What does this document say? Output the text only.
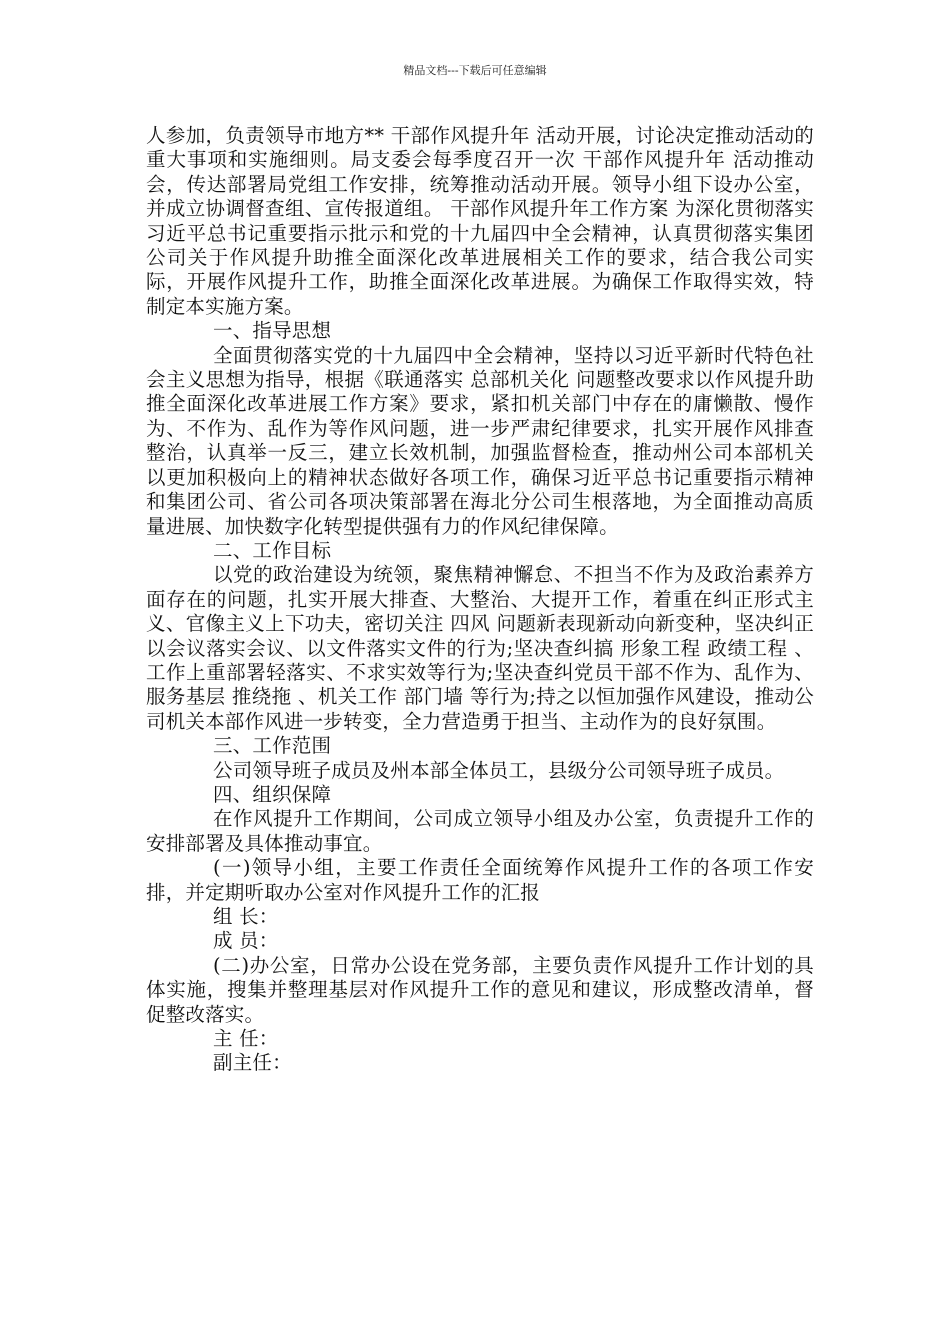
精品文档---下载后可任意编辑

人参加，负责领导市地方** 干部作风提升年 活动开展，讨论决定推动活动的重大事项和实施细则。局支委会每季度召开一次 干部作风提升年 活动推动会，传达部署局党组工作安排，统筹推动活动开展。领导小组下设办公室，并成立协调督查组、宣传报道组。 干部作风提升年工作方案 为深化贯彻落实习近平总书记重要指示批示和党的十九届四中全会精神，认真贯彻落实集团公司关于作风提升助推全面深化改革进展相关工作的要求，结合我公司实际，开展作风提升工作，助推全面深化改革进展。为确保工作取得实效，特制定本实施方案。

一、指导思想

全面贯彻落实党的十九届四中全会精神，坚持以习近平新时代特色社会主义思想为指导，根据《联通落实 总部机关化 问题整改要求以作风提升助推全面深化改革进展工作方案》要求，紧扣机关部门中存在的庸懒散、慢作为、不作为、乱作为等作风问题，进一步严肃纪律要求，扎实开展作风排查整治，认真举一反三，建立长效机制，加强监督检查，推动州公司本部机关以更加积极向上的精神状态做好各项工作，确保习近平总书记重要指示精神和集团公司、省公司各项决策部署在海北分公司生根落地，为全面推动高质量进展、加快数字化转型提供强有力的作风纪律保障。

二、工作目标

以党的政治建设为统领，聚焦精神懈怠、不担当不作为及政治素养方面存在的问题，扎实开展大排查、大整治、大提开工作，着重在纠正形式主义、官像主义上下功夫，密切关注 四风 问题新表现新动向新变种，坚决纠正以会议落实会议、以文件落实文件的行为;坚决查纠搞 形象工程 政绩工程 、工作上重部署轻落实、不求实效等行为;坚决查纠党员干部不作为、乱作为、服务基层 推绕拖 、机关工作 部门墙 等行为;持之以恒加强作风建设，推动公司机关本部作风进一步转变，全力营造勇于担当、主动作为的良好氛围。

三、工作范围

公司领导班子成员及州本部全体员工，县级分公司领导班子成员。

四、组织保障

在作风提升工作期间，公司成立领导小组及办公室，负责提升工作的安排部署及具体推动事宜。

(一)领导小组，主要工作责任全面统筹作风提升工作的各项工作安排，并定期听取办公室对作风提升工作的汇报

组 长：

成 员：

(二)办公室，日常办公设在党务部，主要负责作风提升工作计划的具体实施，搜集并整理基层对作风提升工作的意见和建议，形成整改清单，督促整改落实。

主 任：

副主任：
